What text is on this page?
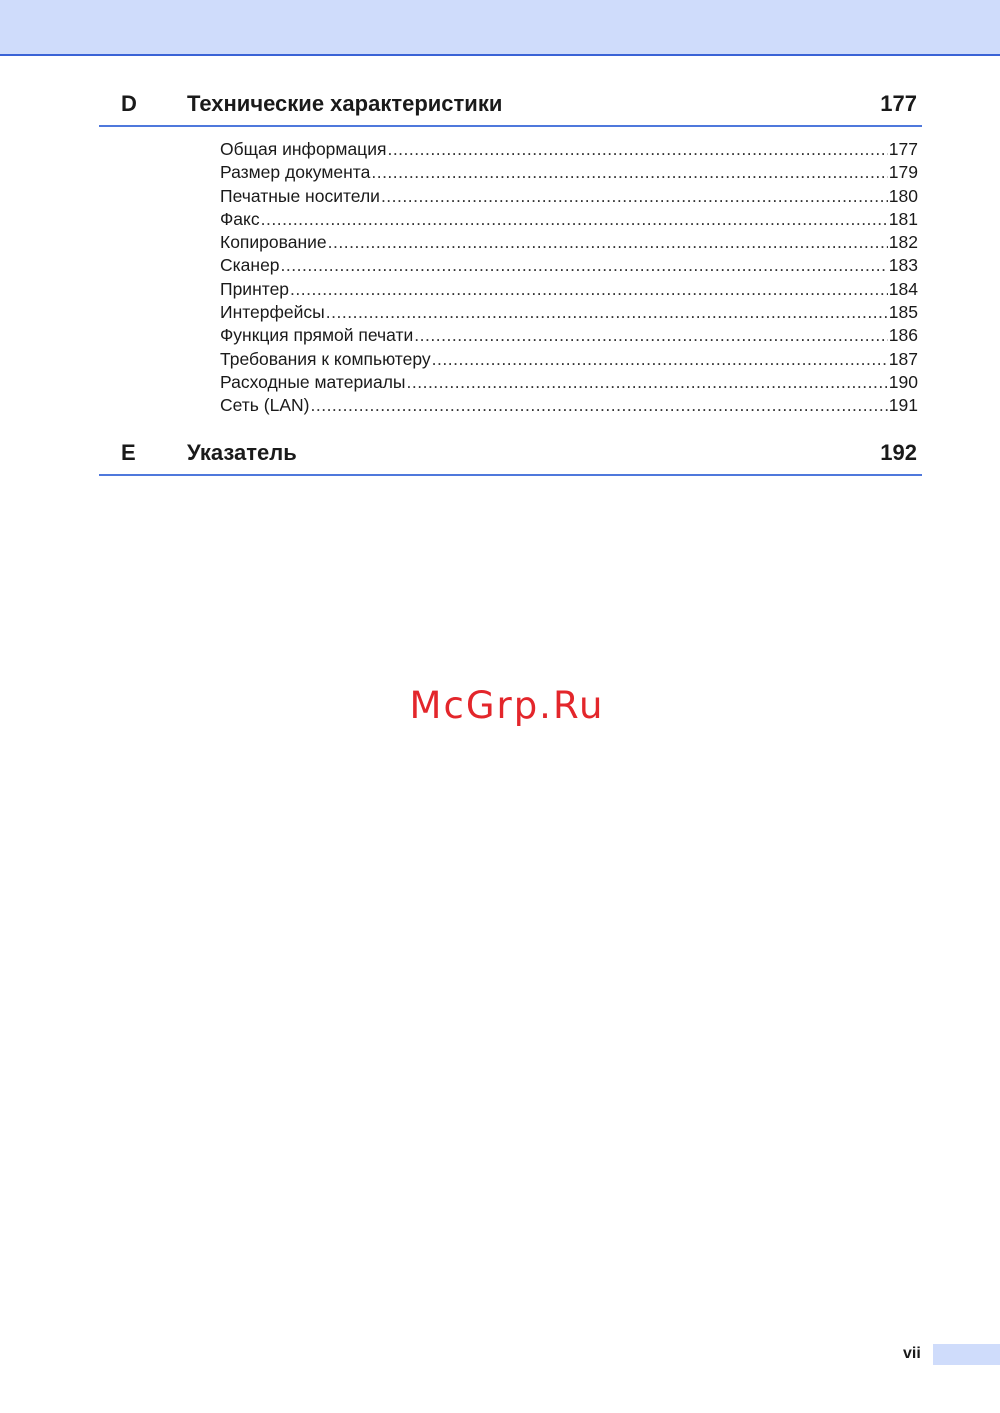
D Технические характеристики	177
Общая информация .....	177
Размер документа .....	179
Печатные носители .....	180
Факс .....	181
Копирование .....	182
Сканер .....	183
Принтер .....	184
Интерфейсы .....	185
Функция прямой печати .....	186
Требования к компьютеру .....	187
Расходные материалы .....	190
Сеть (LAN) .....	191
E Указатель	192
McGrp.Ru
vii
